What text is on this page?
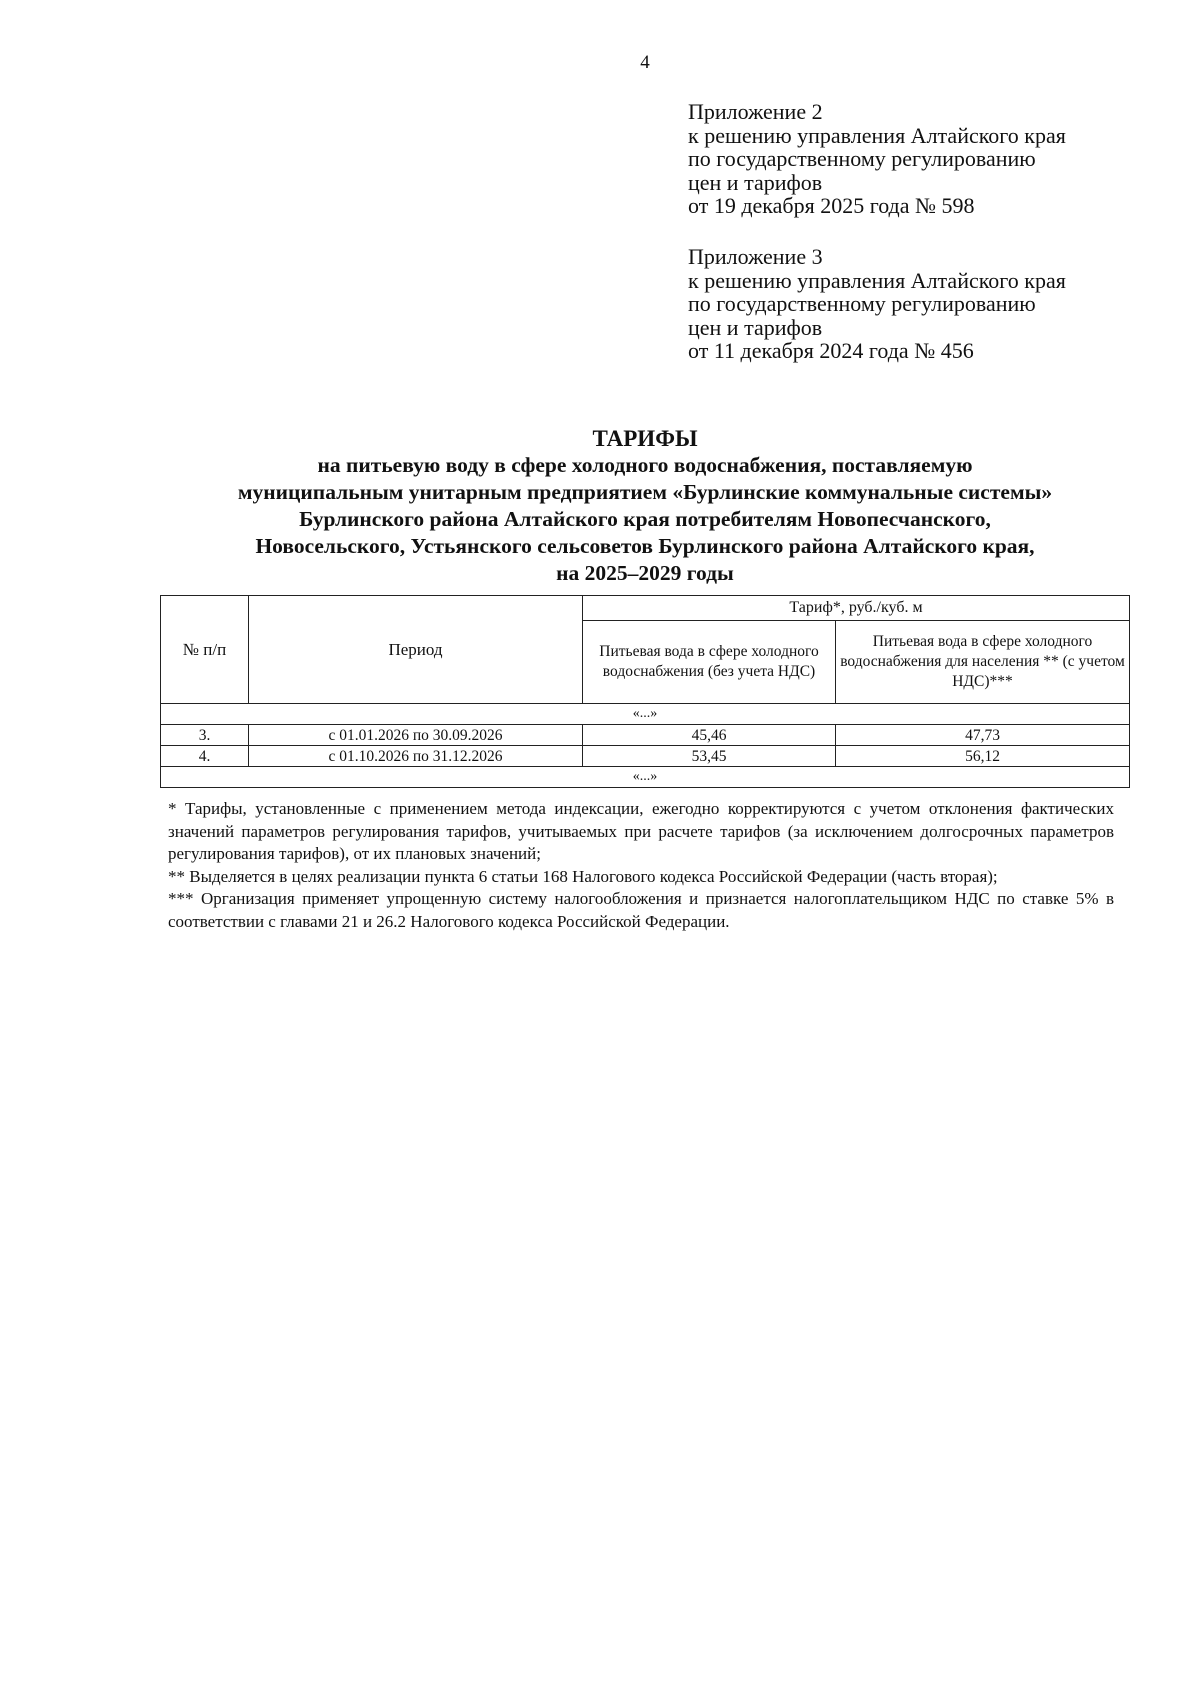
4
Приложение 2
к решению управления Алтайского края
по государственному регулированию
цен и тарифов
от 19 декабря 2025 года № 598
Приложение 3
к решению управления Алтайского края
по государственному регулированию
цен и тарифов
от 11 декабря 2024 года № 456
ТАРИФЫ
на питьевую воду в сфере холодного водоснабжения, поставляемую
муниципальным унитарным предприятием «Бурлинские коммунальные системы»
Бурлинского района Алтайского края потребителям Новопесчанского,
Новосельского, Устьянского сельсоветов Бурлинского района Алтайского края,
на 2025–2029 годы
№ п/п	Период	Тариф*, руб./куб. м	
		Питьевая вода в сфере холодного водоснабжения (без учета НДС)	Питьевая вода в сфере холодного водоснабжения для населения ** (с учетом НДС)***
«...»			
3.	с 01.01.2026 по 30.09.2026	45,46	47,73
4.	с 01.10.2026 по 31.12.2026	53,45	56,12
«...»			

* Тарифы, установленные с применением метода индексации, ежегодно корректируются с учетом отклонения фактических значений параметров регулирования тарифов, учитываемых при расчете тарифов (за исключением долгосрочных параметров регулирования тарифов), от их плановых значений;

** Выделяется в целях реализации пункта 6 статьи 168 Налогового кодекса Российской Федерации (часть вторая);

*** Организация применяет упрощенную систему налогообложения и признается налогоплательщиком НДС по ставке 5% в соответствии с главами 21 и 26.2 Налогового кодекса Российской Федерации.
